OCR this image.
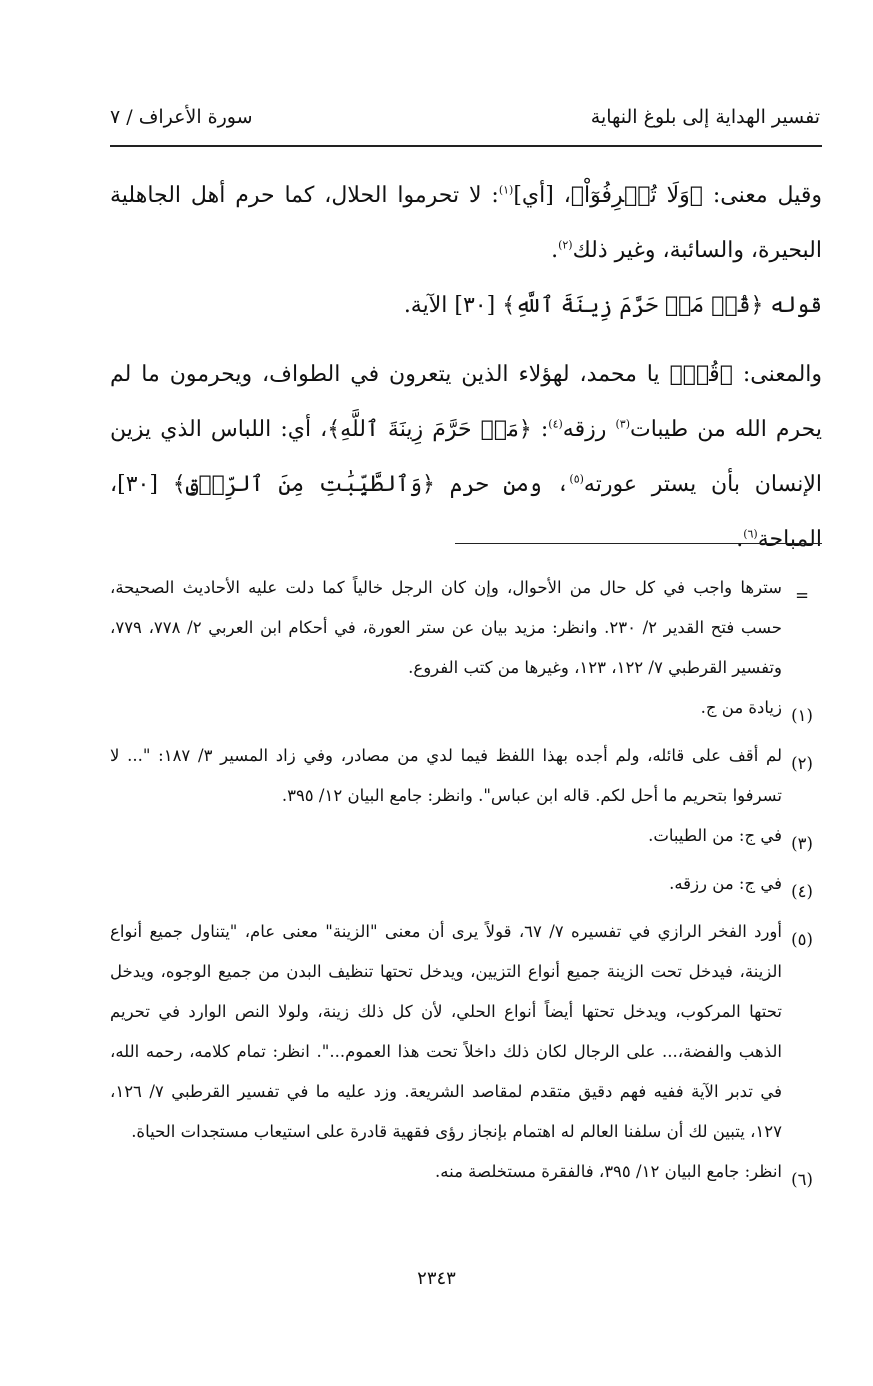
تفسير الهداية إلى بلوغ النهاية
سورة الأعراف / ٧

وقيل معنى: ﴿وَلَا تُسۡرِفُوٓاْ﴾، [أي]$^{(١)}$: لا تحرموا الحلال، كما حرم أهل الجاهلية البحيرة، والسائبة، وغير ذلك$^{(٢)}$.

قوله ﴿قُلۡ مَنۡ حَرَّمَ زِينَةَ ٱللَّهِ﴾ [٣٠] الآية.

والمعنى: ﴿قُلۡ﴾ يا محمد، لهؤلاء الذين يتعرون في الطواف، ويحرمون ما لم يحرم الله من طيبات$^{(٣)}$ رزقه$^{(٤)}$: ﴿مَنۡ حَرَّمَ زِينَةَ ٱللَّهِ﴾، أي: اللباس الذي يزين الإنسان بأن يستر عورته$^{(٥)}$، ومن حرم ﴿وَٱلطَّيِّبَٰتِ مِنَ ٱلرِّزۡقِ﴾ [٣٠]، المباحة$^{(٦)}$.

=
سترها واجب في كل حال من الأحوال، وإن كان الرجل خالياً كما دلت عليه الأحاديث الصحيحة، حسب فتح القدير ٢/ ٢٣٠. وانظر: مزيد بيان عن ستر العورة، في أحكام ابن العربي ٢/ ٧٧٨، ٧٧٩، وتفسير القرطبي ٧/ ١٢٢، ١٢٣، وغيرها من كتب الفروع.
(١)
زيادة من ج.
(٢)
لم أقف على قائله، ولم أجده بهذا اللفظ فيما لدي من مصادر، وفي زاد المسير ٣/ ١٨٧: "... لا تسرفوا بتحريم ما أحل لكم. قاله ابن عباس". وانظر: جامع البيان ١٢/ ٣٩٥.
(٣)
في ج: من الطيبات.
(٤)
في ج: من رزقه.
(٥)
أورد الفخر الرازي في تفسيره ٧/ ٦٧، قولاً يرى أن معنى "الزينة" معنى عام، "يتناول جميع أنواع الزينة، فيدخل تحت الزينة جميع أنواع التزيين، ويدخل تحتها تنظيف البدن من جميع الوجوه، ويدخل تحتها المركوب، ويدخل تحتها أيضاً أنواع الحلي، لأن كل ذلك زينة، ولولا النص الوارد في تحريم الذهب والفضة،... على الرجال لكان ذلك داخلاً تحت هذا العموم...". انظر: تمام كلامه، رحمه الله، في تدبر الآية ففيه فهم دقيق متقدم لمقاصد الشريعة. وزد عليه ما في تفسير القرطبي ٧/ ١٢٦، ١٢٧، يتبين لك أن سلفنا العالم له اهتمام بإنجاز رؤى فقهية قادرة على استيعاب مستجدات الحياة.
(٦)
انظر: جامع البيان ١٢/ ٣٩٥، فالفقرة مستخلصة منه.
٢٣٤٣
